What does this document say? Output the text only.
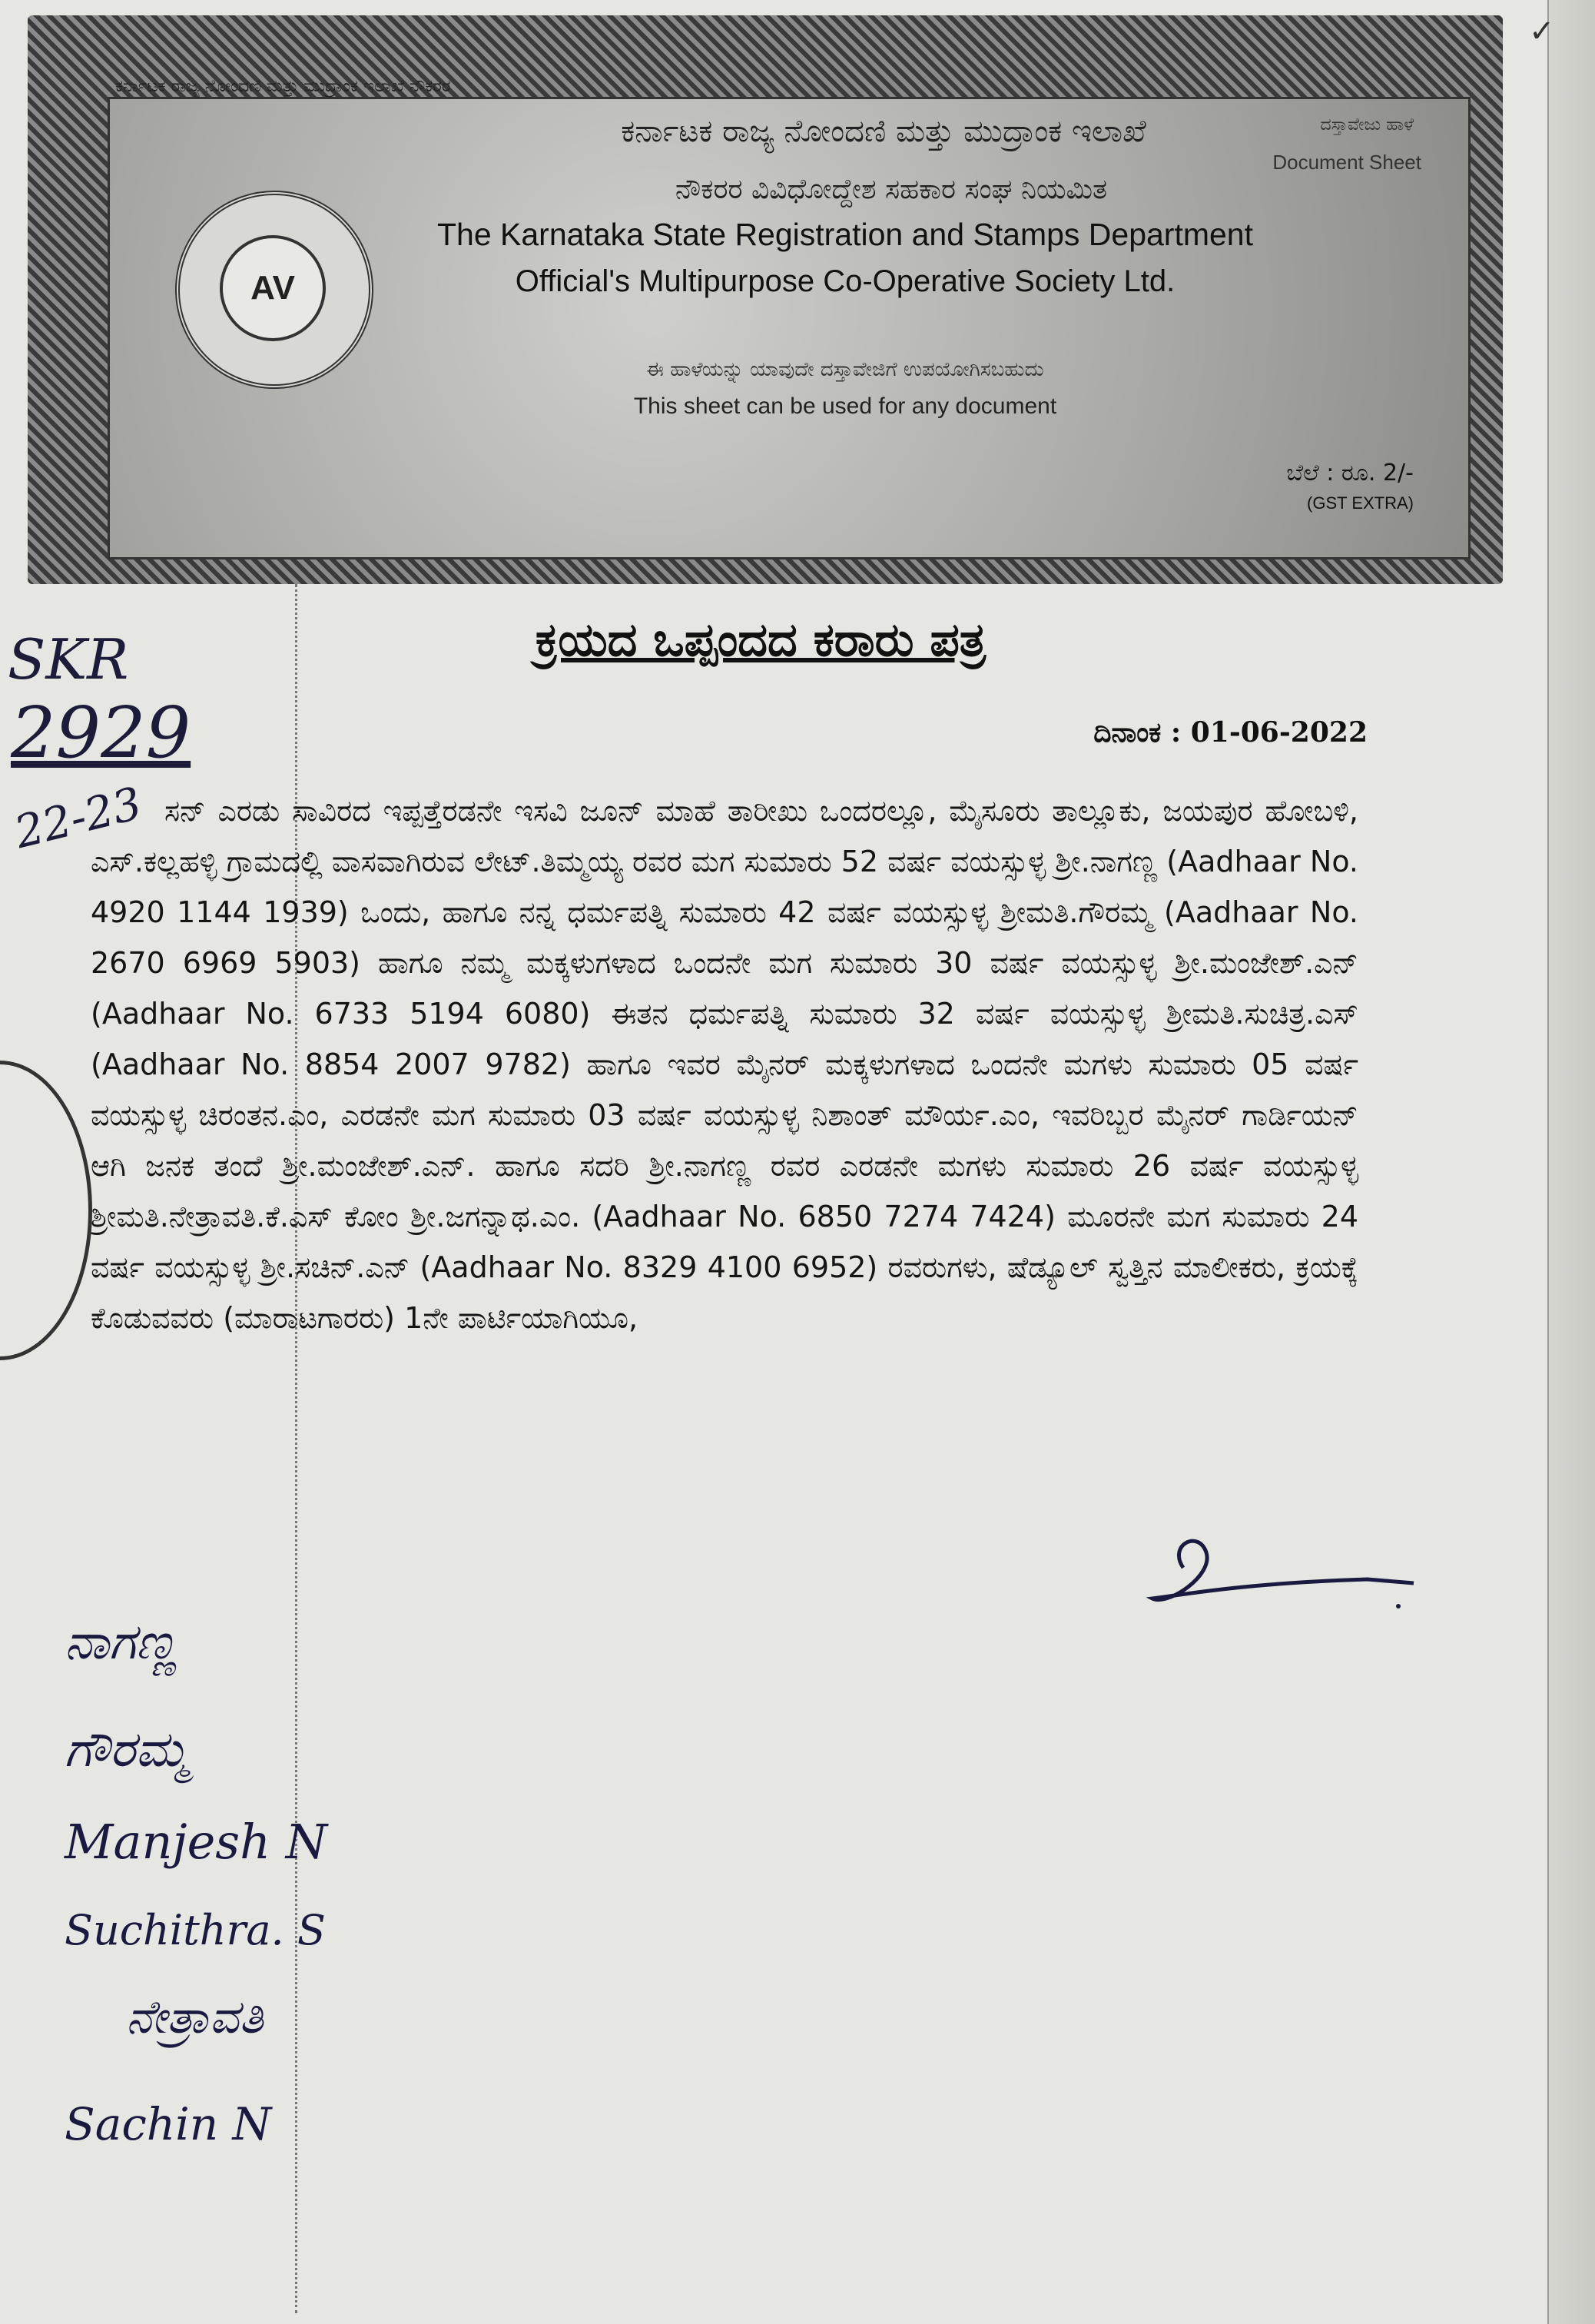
✓
ಕರ್ನಾಟಕ ರಾಜ್ಯ ನೋಂದಣಿ ಮತ್ತು ಮುದ್ರಾಂಕ ಇಲಾಖೆ ನೌಕರರ
AV
ಕರ್ನಾಟಕ ರಾಜ್ಯ ನೋಂದಣಿ ಮತ್ತು ಮುದ್ರಾಂಕ ಇಲಾಖೆ
ನೌಕರರ ವಿವಿಧೋದ್ದೇಶ ಸಹಕಾರ ಸಂಘ ನಿಯಮಿತ
The Karnataka State Registration and Stamps Department
Official's Multipurpose Co-Operative Society Ltd.
ಈ ಹಾಳೆಯನ್ನು ಯಾವುದೇ ದಸ್ತಾವೇಜಿಗೆ ಉಪಯೋಗಿಸಬಹುದು
This sheet can be used for any document
ದಸ್ತಾವೇಜು ಹಾಳೆ
Document Sheet
ಬೆಲೆ : ರೂ. 2/-
(GST EXTRA)
SKR
2929
22-23
ಕ್ರಯದ ಒಪ್ಪಂದದ ಕರಾರು ಪತ್ರ
ದಿನಾಂಕ : 01-06-2022
ಸನ್ ಎರಡು ಸಾವಿರದ ಇಪ್ಪತ್ತೆರಡನೇ ಇಸವಿ ಜೂನ್ ಮಾಹೆ ತಾರೀಖು ಒಂದರಲ್ಲೂ, ಮೈಸೂರು ತಾಲ್ಲೂಕು, ಜಯಪುರ ಹೋಬಳಿ, ಎಸ್.ಕಲ್ಲಹಳ್ಳಿ ಗ್ರಾಮದಲ್ಲಿ ವಾಸವಾಗಿರುವ ಲೇಟ್.ತಿಮ್ಮಯ್ಯ ರವರ ಮಗ ಸುಮಾರು 52 ವರ್ಷ ವಯಸ್ಸುಳ್ಳ ಶ್ರೀ.ನಾಗಣ್ಣ (Aadhaar No. 4920 1144 1939) ಒಂದು, ಹಾಗೂ ನನ್ನ ಧರ್ಮಪತ್ನಿ ಸುಮಾರು 42 ವರ್ಷ ವಯಸ್ಸುಳ್ಳ ಶ್ರೀಮತಿ.ಗೌರಮ್ಮ (Aadhaar No. 2670 6969 5903) ಹಾಗೂ ನಮ್ಮ ಮಕ್ಕಳುಗಳಾದ ಒಂದನೇ ಮಗ ಸುಮಾರು 30 ವರ್ಷ ವಯಸ್ಸುಳ್ಳ ಶ್ರೀ.ಮಂಜೇಶ್.ಎನ್ (Aadhaar No. 6733 5194 6080) ಈತನ ಧರ್ಮಪತ್ನಿ ಸುಮಾರು 32 ವರ್ಷ ವಯಸ್ಸುಳ್ಳ ಶ್ರೀಮತಿ.ಸುಚಿತ್ರ.ಎಸ್ (Aadhaar No. 8854 2007 9782) ಹಾಗೂ ಇವರ ಮೈನರ್ ಮಕ್ಕಳುಗಳಾದ ಒಂದನೇ ಮಗಳು ಸುಮಾರು 05 ವರ್ಷ ವಯಸ್ಸುಳ್ಳ ಚಿರಂತನ.ಎಂ, ಎರಡನೇ ಮಗ ಸುಮಾರು 03 ವರ್ಷ ವಯಸ್ಸುಳ್ಳ ನಿಶಾಂತ್ ಮೌರ್ಯ.ಎಂ, ಇವರಿಬ್ಬರ ಮೈನರ್ ಗಾರ್ಡಿಯನ್ ಆಗಿ ಜನಕ ತಂದೆ ಶ್ರೀ.ಮಂಜೇಶ್.ಎನ್. ಹಾಗೂ ಸದರಿ ಶ್ರೀ.ನಾಗಣ್ಣ ರವರ ಎರಡನೇ ಮಗಳು ಸುಮಾರು 26 ವರ್ಷ ವಯಸ್ಸುಳ್ಳ ಶ್ರೀಮತಿ.ನೇತ್ರಾವತಿ.ಕೆ.ಎಸ್ ಕೋಂ ಶ್ರೀ.ಜಗನ್ನಾಥ.ಎಂ. (Aadhaar No. 6850 7274 7424) ಮೂರನೇ ಮಗ ಸುಮಾರು 24 ವರ್ಷ ವಯಸ್ಸುಳ್ಳ ಶ್ರೀ.ಸಚಿನ್.ಎನ್ (Aadhaar No. 8329 4100 6952) ರವರುಗಳು, ಷೆಡ್ಯೂಲ್ ಸ್ವತ್ತಿನ ಮಾಲೀಕರು, ಕ್ರಯಕ್ಕೆ ಕೊಡುವವರು (ಮಾರಾಟಗಾರರು) 1ನೇ ಪಾರ್ಟಿಯಾಗಿಯೂ,
ನಾಗಣ್ಣ
ಗೌರಮ್ಮ
Manjesh N
Suchithra. S
ನೇತ್ರಾವತಿ
Sachin N
